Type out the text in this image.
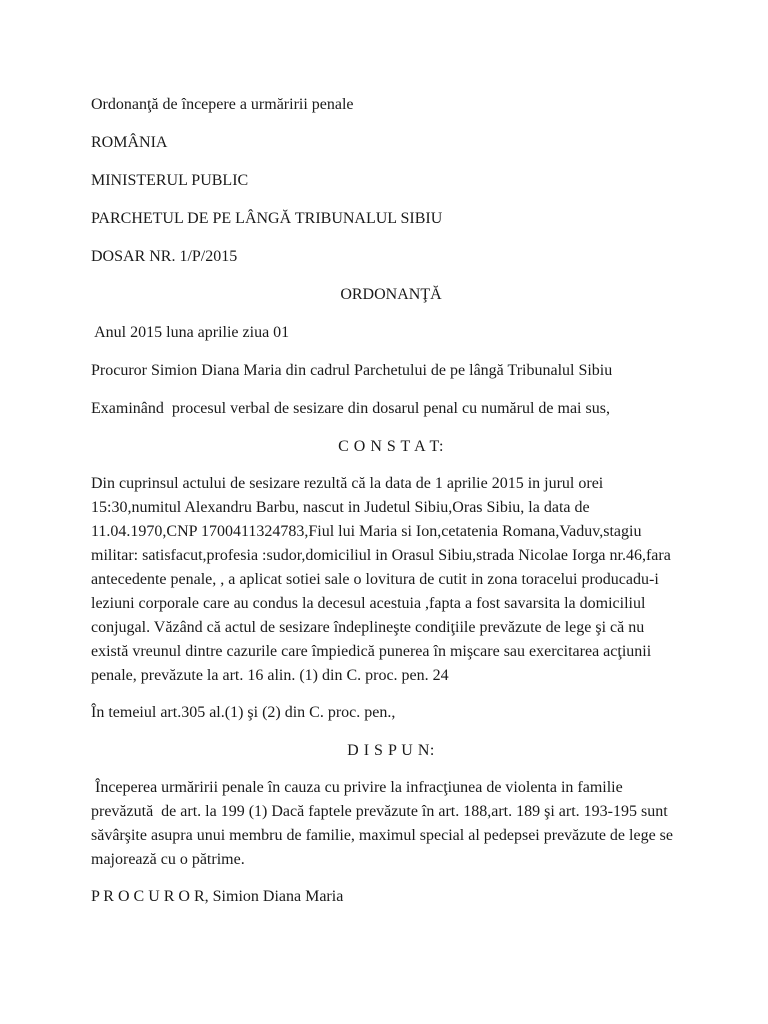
Ordonanţă de începere a urmăririi penale
ROMÂNIA
MINISTERUL PUBLIC
PARCHETUL DE PE LÂNGĂ TRIBUNALUL SIBIU
DOSAR NR. 1/P/2015
ORDONANŢĂ
Anul 2015 luna aprilie ziua 01
Procuror Simion Diana Maria din cadrul Parchetului de pe lângă Tribunalul Sibiu
Examinând  procesul verbal de sesizare din dosarul penal cu numărul de mai sus,
C O N S T A T:
Din cuprinsul actului de sesizare rezultă că la data de 1 aprilie 2015 in jurul orei 15:30,numitul Alexandru Barbu, nascut in Judetul Sibiu,Oras Sibiu, la data de 11.04.1970,CNP 1700411324783,Fiul lui Maria si Ion,cetatenia Romana,Vaduv,stagiu militar: satisfacut,profesia :sudor,domiciliul in Orasul Sibiu,strada Nicolae Iorga nr.46,fara antecedente penale, , a aplicat sotiei sale o lovitura de cutit in zona toracelui producadu-i leziuni corporale care au condus la decesul acestuia ,fapta a fost savarsita la domiciliul conjugal. Văzând că actul de sesizare îndeplineşte condiţiile prevăzute de lege şi că nu există vreunul dintre cazurile care împiedică punerea în mişcare sau exercitarea acţiunii penale, prevăzute la art. 16 alin. (1) din C. proc. pen. 24
În temeiul art.305 al.(1) şi (2) din C. proc. pen.,
D I S P U N:
Începerea urmăririi penale în cauza cu privire la infracţiunea de violenta in familie prevăzută  de art. la 199 (1) Dacă faptele prevăzute în art. 188,art. 189 şi art. 193-195 sunt săvârşite asupra unui membru de familie, maximul special al pedepsei prevăzute de lege se majorează cu o pătrime.
P R O C U R O R, Simion Diana Maria
